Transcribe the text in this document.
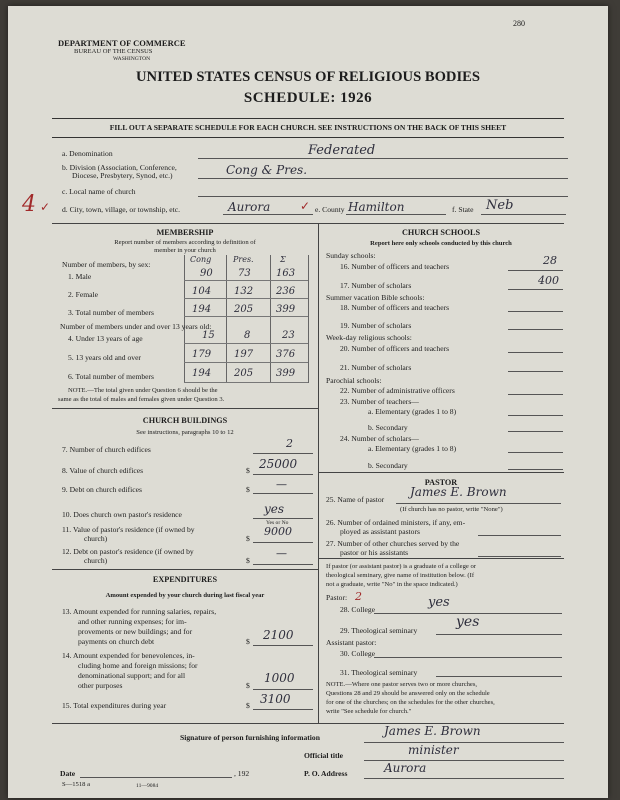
280
DEPARTMENT OF COMMERCE
BUREAU OF THE CENSUS
WASHINGTON
UNITED STATES CENSUS OF RELIGIOUS BODIES
SCHEDULE: 1926
FILL OUT A SEPARATE SCHEDULE FOR EACH CHURCH. SEE INSTRUCTIONS ON THE BACK OF THIS SHEET
4 ✓
a. Denomination	Federated
b. Division (Association, Conference,
Diocese, Presbytery, Synod, etc.)	Cong & Pres.
c. Local name of church
d. City, town, village, or township, etc.	Aurora ✓ e. County Hamilton	f. State Neb
MEMBERSHIP
Report number of members according to definition of
member in your church
Cong	Pres.	Σ
Number of members, by sex:
1. Male	90	73	163
2. Female	104 132 236
3. Total number of members	194 205 399
Number of members under and over 13 years old:
4. Under 13 years of age	15	8	23
5. 13 years old and over	179 197 376
6. Total number of members	194 205 399
NOTE.—The total given under Question 6 should be the
same as the total of males and females given under Question 3.
CHURCH BUILDINGS
See instructions, paragraphs 10 to 12
7. Number of church edifices	2
8. Value of church edifices	$ 25000
9. Debt on church edifices	$ —
10. Does church own pastor's residence	yes
Yes or No
11. Value of pastor's residence (if owned by
church)	$
9000
12. Debt on pastor's residence (if owned by
church)	$
—
EXPENDITURES
Amount expended by your church during last fiscal year
13. Amount expended for running salaries, repairs,
and other running expenses; for im-
provements or new buildings; and for
payments on church debt	$ 2100
14. Amount expended for benevolences, in-
cluding home and foreign missions; for
denominational support; and for all
other purposes	$
1000
15. Total expenditures during year	$ 3100
CHURCH SCHOOLS
Report here only schools conducted by this church
Sunday schools:
16. Number of officers and teachers	28
17. Number of scholars	400
Summer vacation Bible schools:
18. Number of officers and teachers
19. Number of scholars
Week-day religious schools:
20. Number of officers and teachers
21. Number of scholars
Parochial schools:
22. Number of administrative officers
23. Number of teachers—
a. Elementary (grades 1 to 8)
b. Secondary
24. Number of scholars—
a. Elementary (grades 1 to 8)
b. Secondary
PASTOR
25. Name of pastor
James E. Brown
(If church has no pastor, write "None")
26. Number of ordained ministers, if any, em-
ployed as assistant pastors
27. Number of other churches served by the
pastor or his assistants
If pastor (or assistant pastor) is a graduate of a college or
theological seminary, give name of institution below. (If
not a graduate, write "No" in the space indicated.)
Pastor: 2
28. College	yes
29. Theological seminary
yes
Assistant pastor:
30. College
31. Theological seminary
NOTE.—Where one pastor serves two or more churches,
Questions 28 and 29 should be answered only on the schedule
for one of the churches; on the schedules for the other churches,
write "See schedule for church."
Signature of person furnishing information	James E. Brown
Official title	minister
P. O. Address	Aurora
Date	, 192
S—1518 a	11—9084
